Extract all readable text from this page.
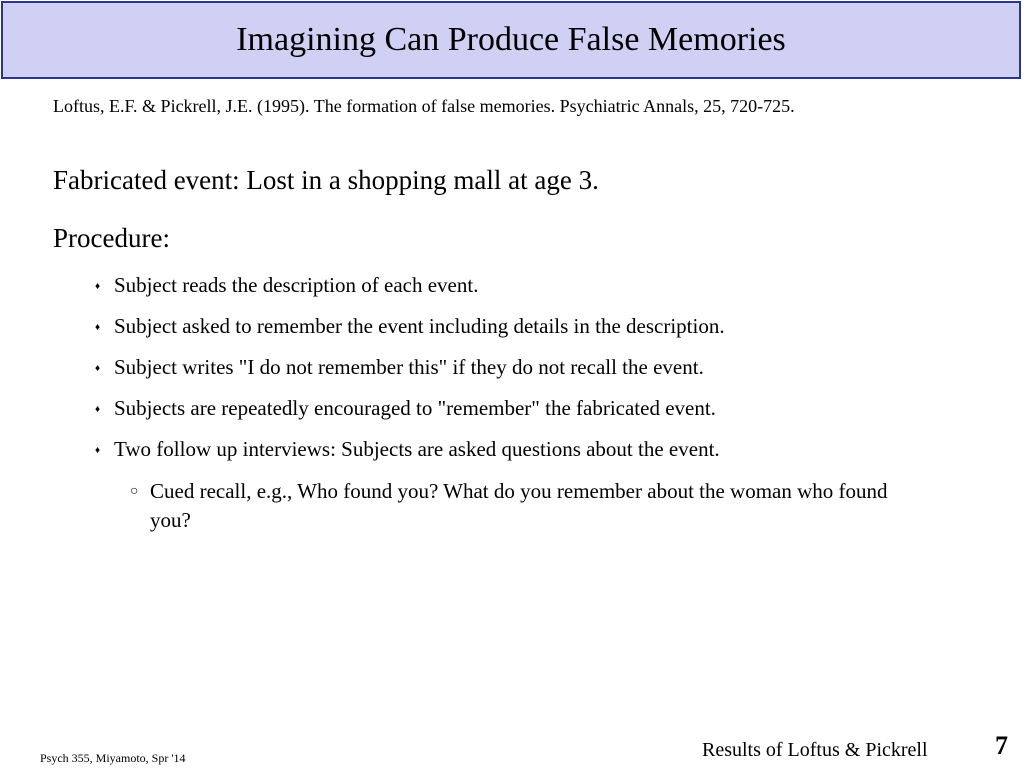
Imagining Can Produce False Memories

Loftus, E.F. & Pickrell, J.E. (1995). The formation of false memories. Psychiatric Annals, 25, 720-725.

Fabricated event: Lost in a shopping mall at age 3.

Procedure:

♦ Subject reads the description of each event.
♦ Subject asked to remember the event including details in the description.
♦ Subject writes "I do not remember this" if they do not recall the event.
♦ Subjects are repeatedly encouraged to "remember" the fabricated event.
♦ Two follow up interviews: Subjects are asked questions about the event.
○ Cued recall, e.g., Who found you? What do you remember about the woman who found you?
Psych 355, Miyamoto, Spr '14	Results of Loftus & Pickrell	7
